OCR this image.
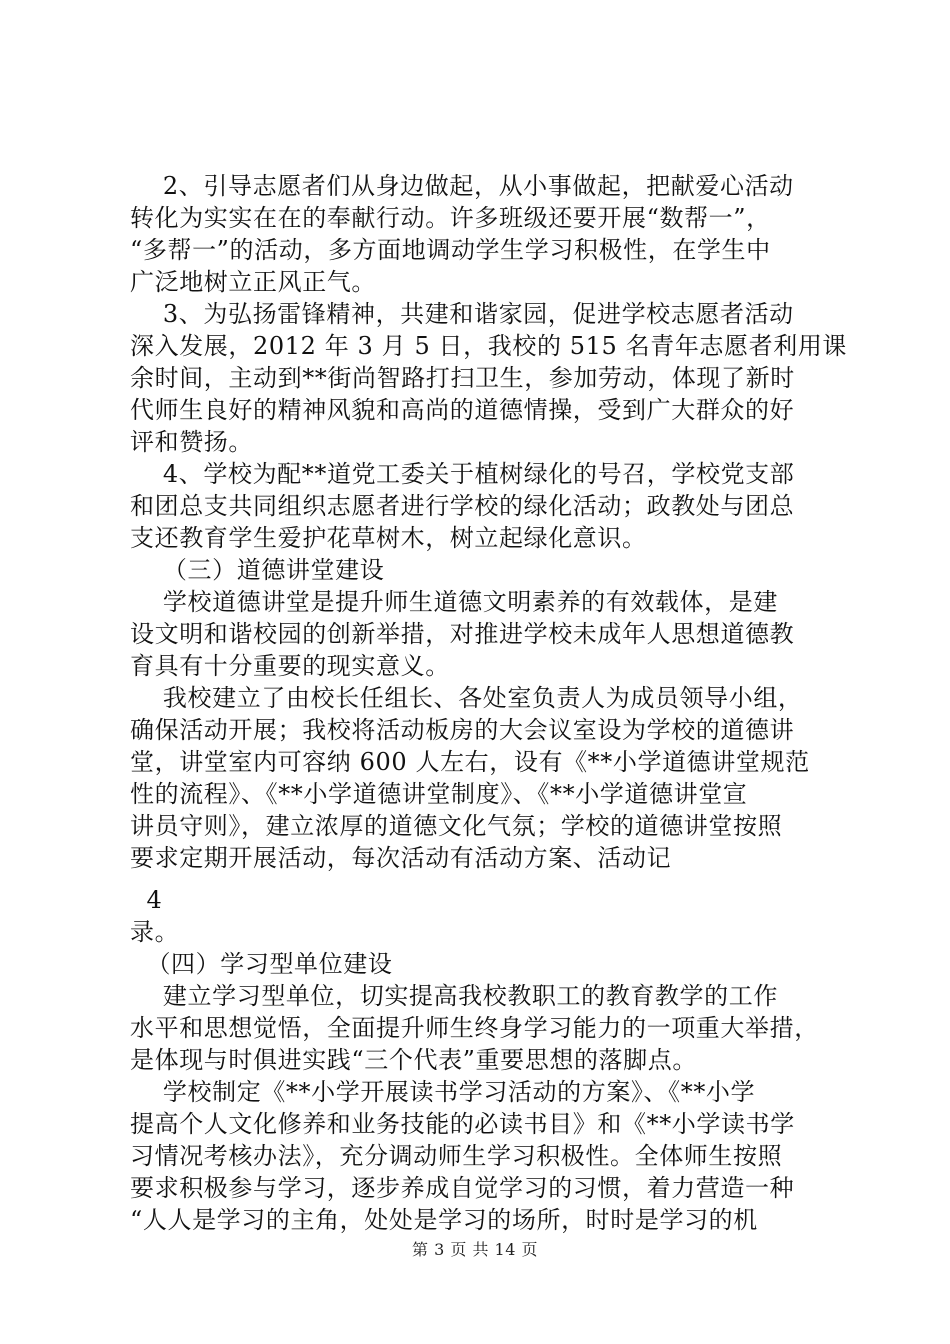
2、引导志愿者们从身边做起，从小事做起，把献爱心活动
转化为实实在在的奉献行动。许多班级还要开展“数帮一”，
“多帮一”的活动，多方面地调动学生学习积极性，在学生中
广泛地树立正风正气。
3、为弘扬雷锋精神，共建和谐家园，促进学校志愿者活动
深入发展，2012 年 3 月 5 日，我校的 515 名青年志愿者利用课
余时间，主动到**街尚智路打扫卫生，参加劳动，体现了新时
代师生良好的精神风貌和高尚的道德情操，受到广大群众的好
评和赞扬。
4、学校为配**道党工委关于植树绿化的号召，学校党支部
和团总支共同组织志愿者进行学校的绿化活动；政教处与团总
支还教育学生爱护花草树木，树立起绿化意识。
（三）道德讲堂建设
学校道德讲堂是提升师生道德文明素养的有效载体，是建
设文明和谐校园的创新举措，对推进学校未成年人思想道德教
育具有十分重要的现实意义。
我校建立了由校长任组长、各处室负责人为成员领导小组，
确保活动开展；我校将活动板房的大会议室设为学校的道德讲
堂，讲堂室内可容纳 600 人左右，设有《**小学道德讲堂规范
性的流程》、《**小学道德讲堂制度》、《**小学道德讲堂宣
讲员守则》，建立浓厚的道德文化气氛；学校的道德讲堂按照
要求定期开展活动，每次活动有活动方案、活动记
4
录。
（四）学习型单位建设
建立学习型单位，切实提高我校教职工的教育教学的工作
水平和思想觉悟，全面提升师生终身学习能力的一项重大举措，
是体现与时俱进实践“三个代表”重要思想的落脚点。
学校制定《**小学开展读书学习活动的方案》、《**小学
提高个人文化修养和业务技能的必读书目》和《**小学读书学
习情况考核办法》，充分调动师生学习积极性。全体师生按照
要求积极参与学习，逐步养成自觉学习的习惯，着力营造一种
“人人是学习的主角，处处是学习的场所，时时是学习的机
第 3 页 共 14 页
